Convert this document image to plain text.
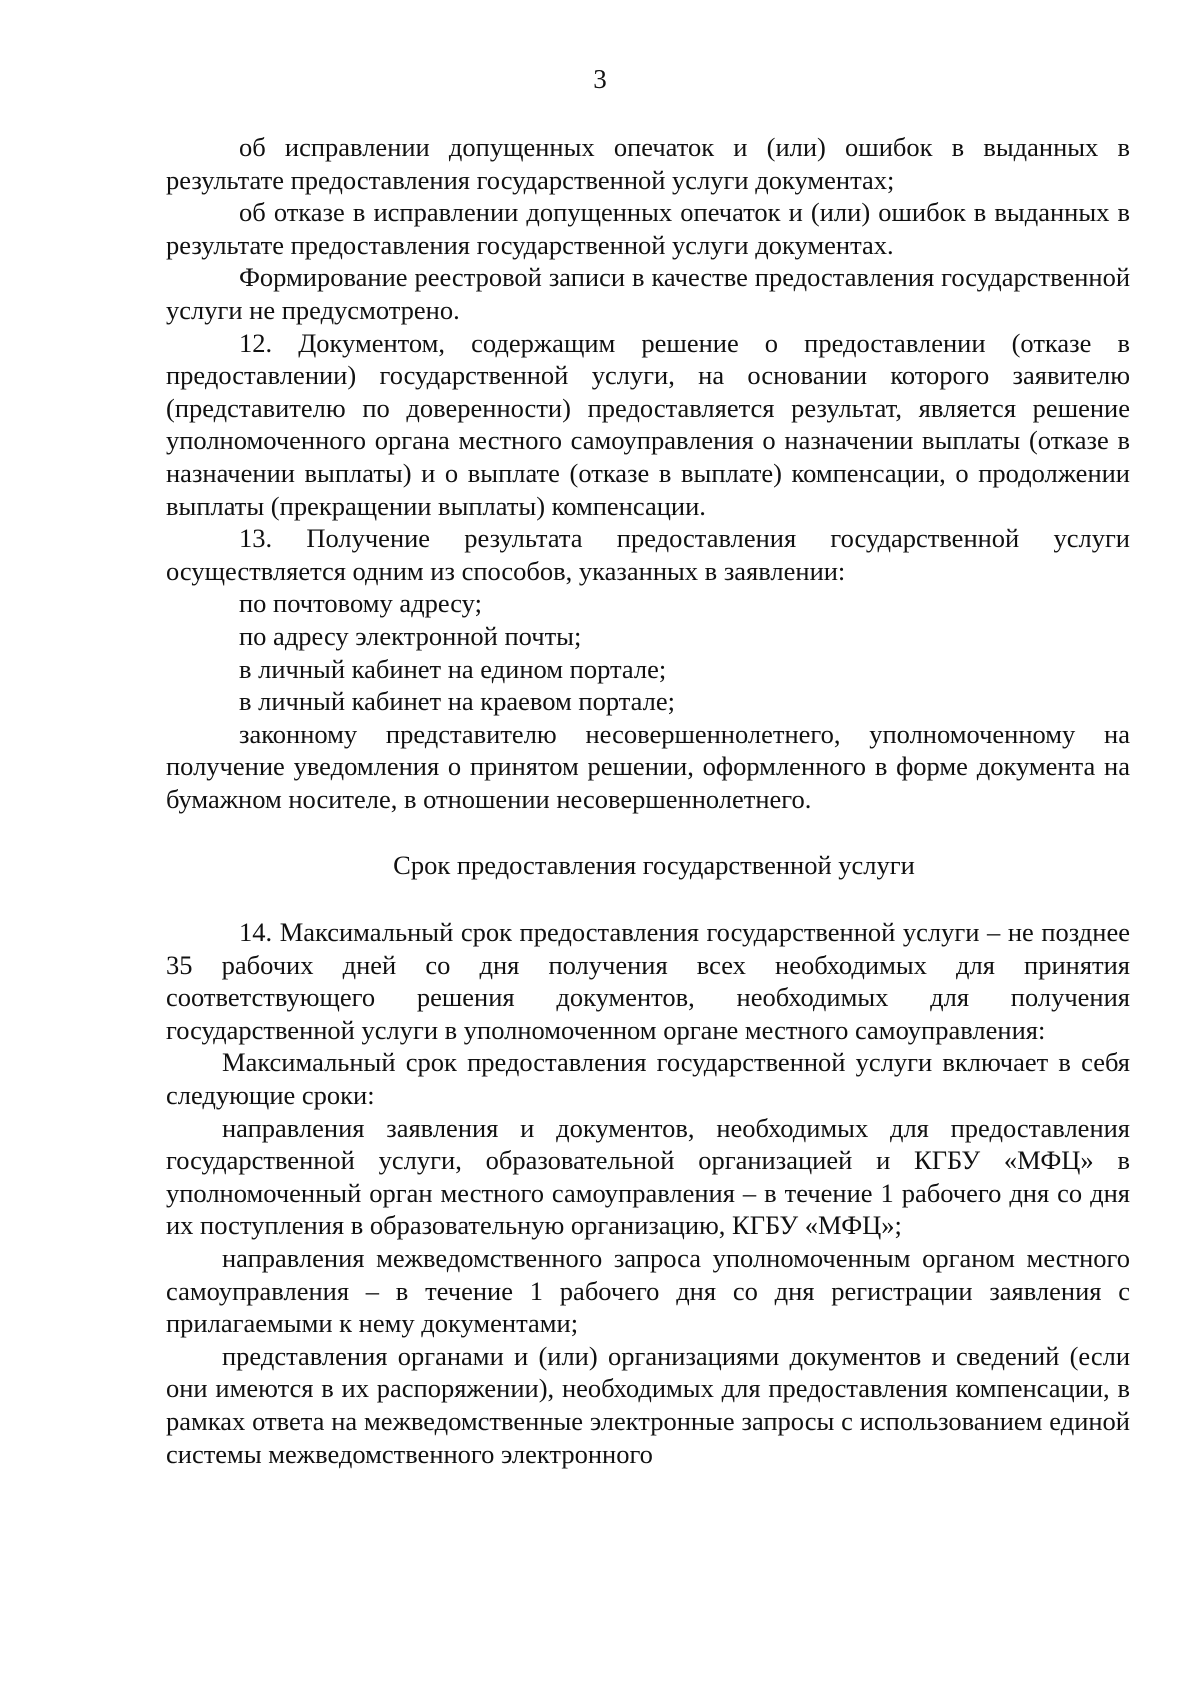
3

об исправлении допущенных опечаток и (или) ошибок в выданных в результате предоставления государственной услуги документах;

об отказе в исправлении допущенных опечаток и (или) ошибок в выданных в результате предоставления государственной услуги документах.

Формирование реестровой записи в качестве предоставления государственной услуги не предусмотрено.

12. Документом, содержащим решение о предоставлении (отказе в предоставлении) государственной услуги, на основании которого заявителю (представителю по доверенности) предоставляется результат, является решение уполномоченного органа местного самоуправления о назначении выплаты (отказе в назначении выплаты) и о выплате (отказе в выплате) компенсации, о продолжении выплаты (прекращении выплаты) компенсации.

13. Получение результата предоставления государственной услуги осуществляется одним из способов, указанных в заявлении:

по почтовому адресу;

по адресу электронной почты;

в личный кабинет на едином портале;

в личный кабинет на краевом портале;

законному представителю несовершеннолетнего, уполномоченному на получение уведомления о принятом решении, оформленного в форме документа на бумажном носителе, в отношении несовершеннолетнего.

Срок предоставления государственной услуги

14. Максимальный срок предоставления государственной услуги – не позднее 35 рабочих дней со дня получения всех необходимых для принятия соответствующего решения документов, необходимых для получения государственной услуги в уполномоченном органе местного самоуправления:

Максимальный срок предоставления государственной услуги включает в себя следующие сроки:

направления заявления и документов, необходимых для предоставления государственной услуги, образовательной организацией и КГБУ «МФЦ» в уполномоченный орган местного самоуправления – в течение 1 рабочего дня со дня их поступления в образовательную организацию, КГБУ «МФЦ»;

направления межведомственного запроса уполномоченным органом местного самоуправления – в течение 1 рабочего дня со дня регистрации заявления с прилагаемыми к нему документами;

представления органами и (или) организациями документов и сведений (если они имеются в их распоряжении), необходимых для предоставления компенсации, в рамках ответа на межведомственные электронные запросы с использованием единой системы межведомственного электронного
